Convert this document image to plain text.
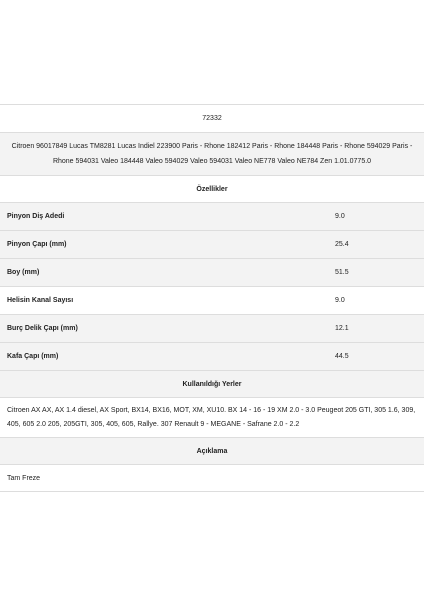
72332
Citroen 96017849 Lucas TM8281 Lucas Indiel 223900 Paris - Rhone 182412 Paris - Rhone 184448 Paris - Rhone 594029 Paris - Rhone 594031 Valeo 184448 Valeo 594029 Valeo 594031 Valeo NE778 Valeo NE784 Zen 1.01.0775.0
Özellikler
Pinyon Diş Adedi	9.0
Pinyon Çapı (mm)	25.4
Boy (mm)	51.5
Helisin Kanal Sayısı	9.0
Burç Delik Çapı (mm)	12.1
Kafa Çapı (mm)	44.5
Kullanıldığı Yerler
Citroen AX AX, AX 1.4 diesel, AX Sport, BX14, BX16, MOT, XM, XU10. BX 14 - 16 - 19 XM 2.0 - 3.0 Peugeot 205 GTI, 305 1.6, 309, 405, 605 2.0 205, 205GTI, 305, 405, 605, Rallye. 307 Renault 9 - MEGANE - Safrane 2.0 - 2.2
Açıklama
Tam Freze
